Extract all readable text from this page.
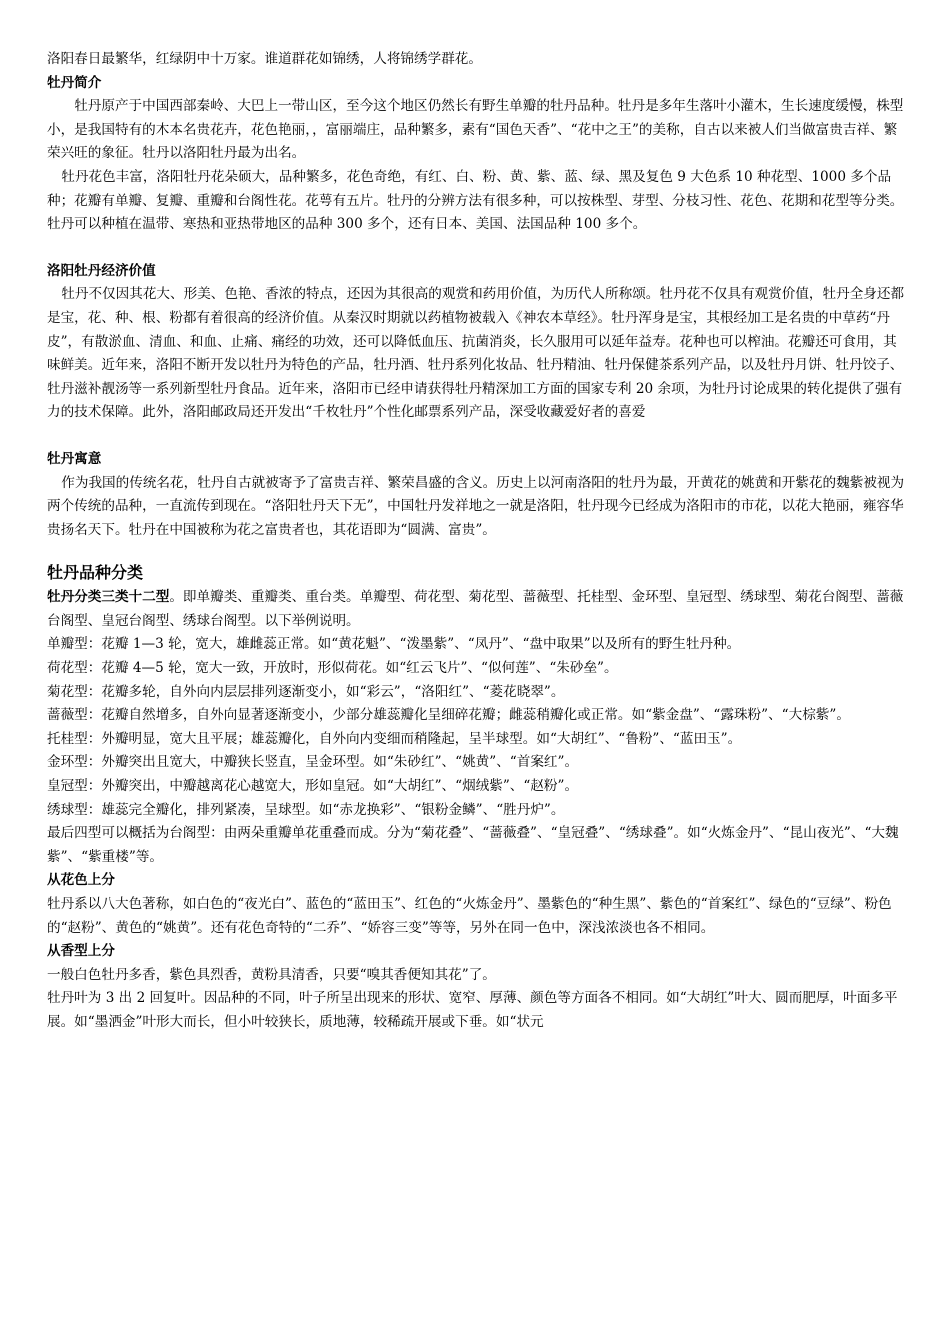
洛阳春日最繁华，红绿阴中十万家。谁道群花如锦绣，人将锦绣学群花。

牡丹简介

牡丹原产于中国西部秦岭、大巴上一带山区，至今这个地区仍然长有野生单瓣的牡丹品种。牡丹是多年生落叶小灌木，生长速度缓慢，株型小，是我国特有的木本名贵花卉，花色艳丽，，富丽端庄，品种繁多，素有“国色天香”、“花中之王”的美称，自古以来被人们当做富贵吉祥、繁荣兴旺的象征。牡丹以洛阳牡丹最为出名。

牡丹花色丰富，洛阳牡丹花朵硕大，品种繁多，花色奇绝，有红、白、粉、黄、紫、蓝、绿、黑及复色 9 大色系 10 种花型、1000 多个品种；花瓣有单瓣、复瓣、重瓣和台阁性花。花萼有五片。牡丹的分辨方法有很多种，可以按株型、芽型、分枝习性、花色、花期和花型等分类。牡丹可以种植在温带、寒热和亚热带地区的品种 300 多个，还有日本、美国、法国品种 100 多个。

洛阳牡丹经济价值

牡丹不仅因其花大、形美、色艳、香浓的特点，还因为其很高的观赏和药用价值，为历代人所称颂。牡丹花不仅具有观赏价值，牡丹全身还都是宝，花、种、根、粉都有着很高的经济价值。从秦汉时期就以药植物被载入《神农本草经》。牡丹浑身是宝，其根经加工是名贵的中草药“丹皮”，有散淤血、清血、和血、止痛、痛经的功效，还可以降低血压、抗菌消炎，长久服用可以延年益寿。花种也可以榨油。花瓣还可食用，其味鲜美。近年来，洛阳不断开发以牡丹为特色的产品，牡丹酒、牡丹系列化妆品、牡丹精油、牡丹保健茶系列产品，以及牡丹月饼、牡丹饺子、牡丹滋补靓汤等一系列新型牡丹食品。近年来，洛阳市已经申请获得牡丹精深加工方面的国家专利 20 余项，为牡丹讨论成果的转化提供了强有力的技术保障。此外，洛阳邮政局还开发出“千枚牡丹”个性化邮票系列产品，深受收藏爱好者的喜爱

牡丹寓意

作为我国的传统名花，牡丹自古就被寄予了富贵吉祥、繁荣昌盛的含义。历史上以河南洛阳的牡丹为最，开黄花的姚黄和开紫花的魏紫被视为两个传统的品种，一直流传到现在。“洛阳牡丹天下无”，中国牡丹发祥地之一就是洛阳，牡丹现今已经成为洛阳市的市花，以花大艳丽，雍容华贵扬名天下。牡丹在中国被称为花之富贵者也，其花语即为“圆满、富贵”。

牡丹品种分类

牡丹分类三类十二型。即单瓣类、重瓣类、重台类。单瓣型、荷花型、菊花型、蔷薇型、托桂型、金环型、皇冠型、绣球型、菊花台阁型、蔷薇台阁型、皇冠台阁型、绣球台阁型。以下举例说明。

单瓣型：花瓣 1—3 轮，宽大，雄雌蕊正常。如“黄花魁”、“泼墨紫”、“凤丹”、“盘中取果”以及所有的野生牡丹种。

荷花型：花瓣 4—5 轮，宽大一致，开放时，形似荷花。如“红云飞片”、“似何莲”、“朱砂垒”。

菊花型：花瓣多轮，自外向内层层排列逐渐变小，如“彩云”，“洛阳红”、“菱花晓翠”。

蔷薇型：花瓣自然增多，自外向显著逐渐变小，少部分雄蕊瓣化呈细碎花瓣；雌蕊稍瓣化或正常。如“紫金盘”、“露珠粉”、“大棕紫”。

托桂型：外瓣明显，宽大且平展；雄蕊瓣化，自外向内变细而稍隆起，呈半球型。如“大胡红”、“鲁粉”、“蓝田玉”。

金环型：外瓣突出且宽大，中瓣狭长竖直，呈金环型。如“朱砂红”、“姚黄”、“首案红”。

皇冠型：外瓣突出，中瓣越离花心越宽大，形如皇冠。如“大胡红”、“烟绒紫”、“赵粉”。

绣球型：雄蕊完全瓣化，排列紧凑，呈球型。如“赤龙换彩”、“银粉金鳞”、“胜丹炉”。

最后四型可以概括为台阁型：由两朵重瓣单花重叠而成。分为“菊花叠”、“蔷薇叠”、“皇冠叠”、“绣球叠”。如“火炼金丹”、“昆山夜光”、“大魏紫”、“紫重楼”等。

从花色上分

牡丹系以八大色著称，如白色的“夜光白”、蓝色的“蓝田玉”、红色的“火炼金丹”、墨紫色的“种生黑”、紫色的“首案红”、绿色的“豆绿”、粉色的“赵粉”、黄色的“姚黄”。还有花色奇特的“二乔”、“娇容三变”等等，另外在同一色中，深浅浓淡也各不相同。

从香型上分

一般白色牡丹多香，紫色具烈香，黄粉具清香，只要“嗅其香便知其花”了。

牡丹叶为 3 出 2 回复叶。因品种的不同，叶子所呈出现来的形状、宽窄、厚薄、颜色等方面各不相同。如“大胡红”叶大、圆而肥厚，叶面多平展。如“墨洒金”叶形大而长，但小叶较狭长，质地薄，较稀疏开展或下垂。如“状元
